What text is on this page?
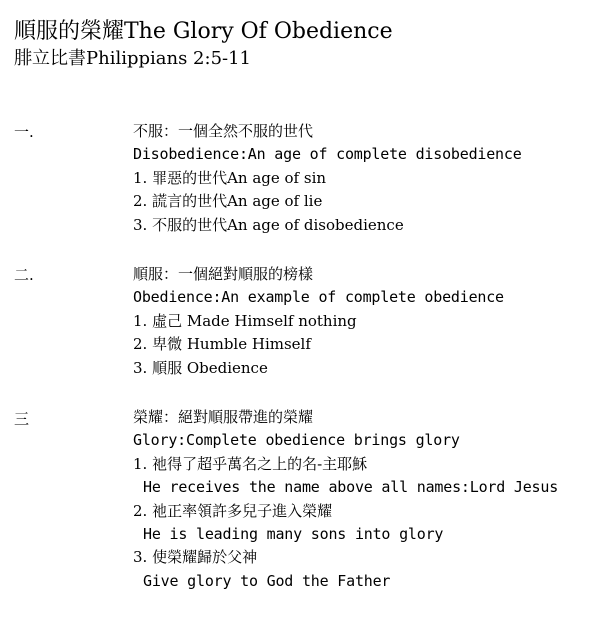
順服的榮耀The Glory Of Obedience
腓立比書Philippians 2:5-11
一.	不服：一個全然不服的世代
Disobedience:An age of complete disobedience
1. 罪惡的世代An age of sin
2. 謊言的世代An age of lie
3. 不服的世代An age of disobedience
二.	順服：一個絕對順服的榜樣
Obedience:An example of complete obedience
1. 虛己 Made Himself nothing
2. 卑微 Humble Himself
3. 順服 Obedience
三	榮耀：絕對順服帶進的榮耀
Glory:Complete obedience brings glory
1. 祂得了超乎萬名之上的名-主耶穌
He receives the name above all names:Lord Jesus
2. 祂正率領許多兒子進入榮耀
He is leading many sons into glory
3. 使榮耀歸於父神
Give glory to God the Father
